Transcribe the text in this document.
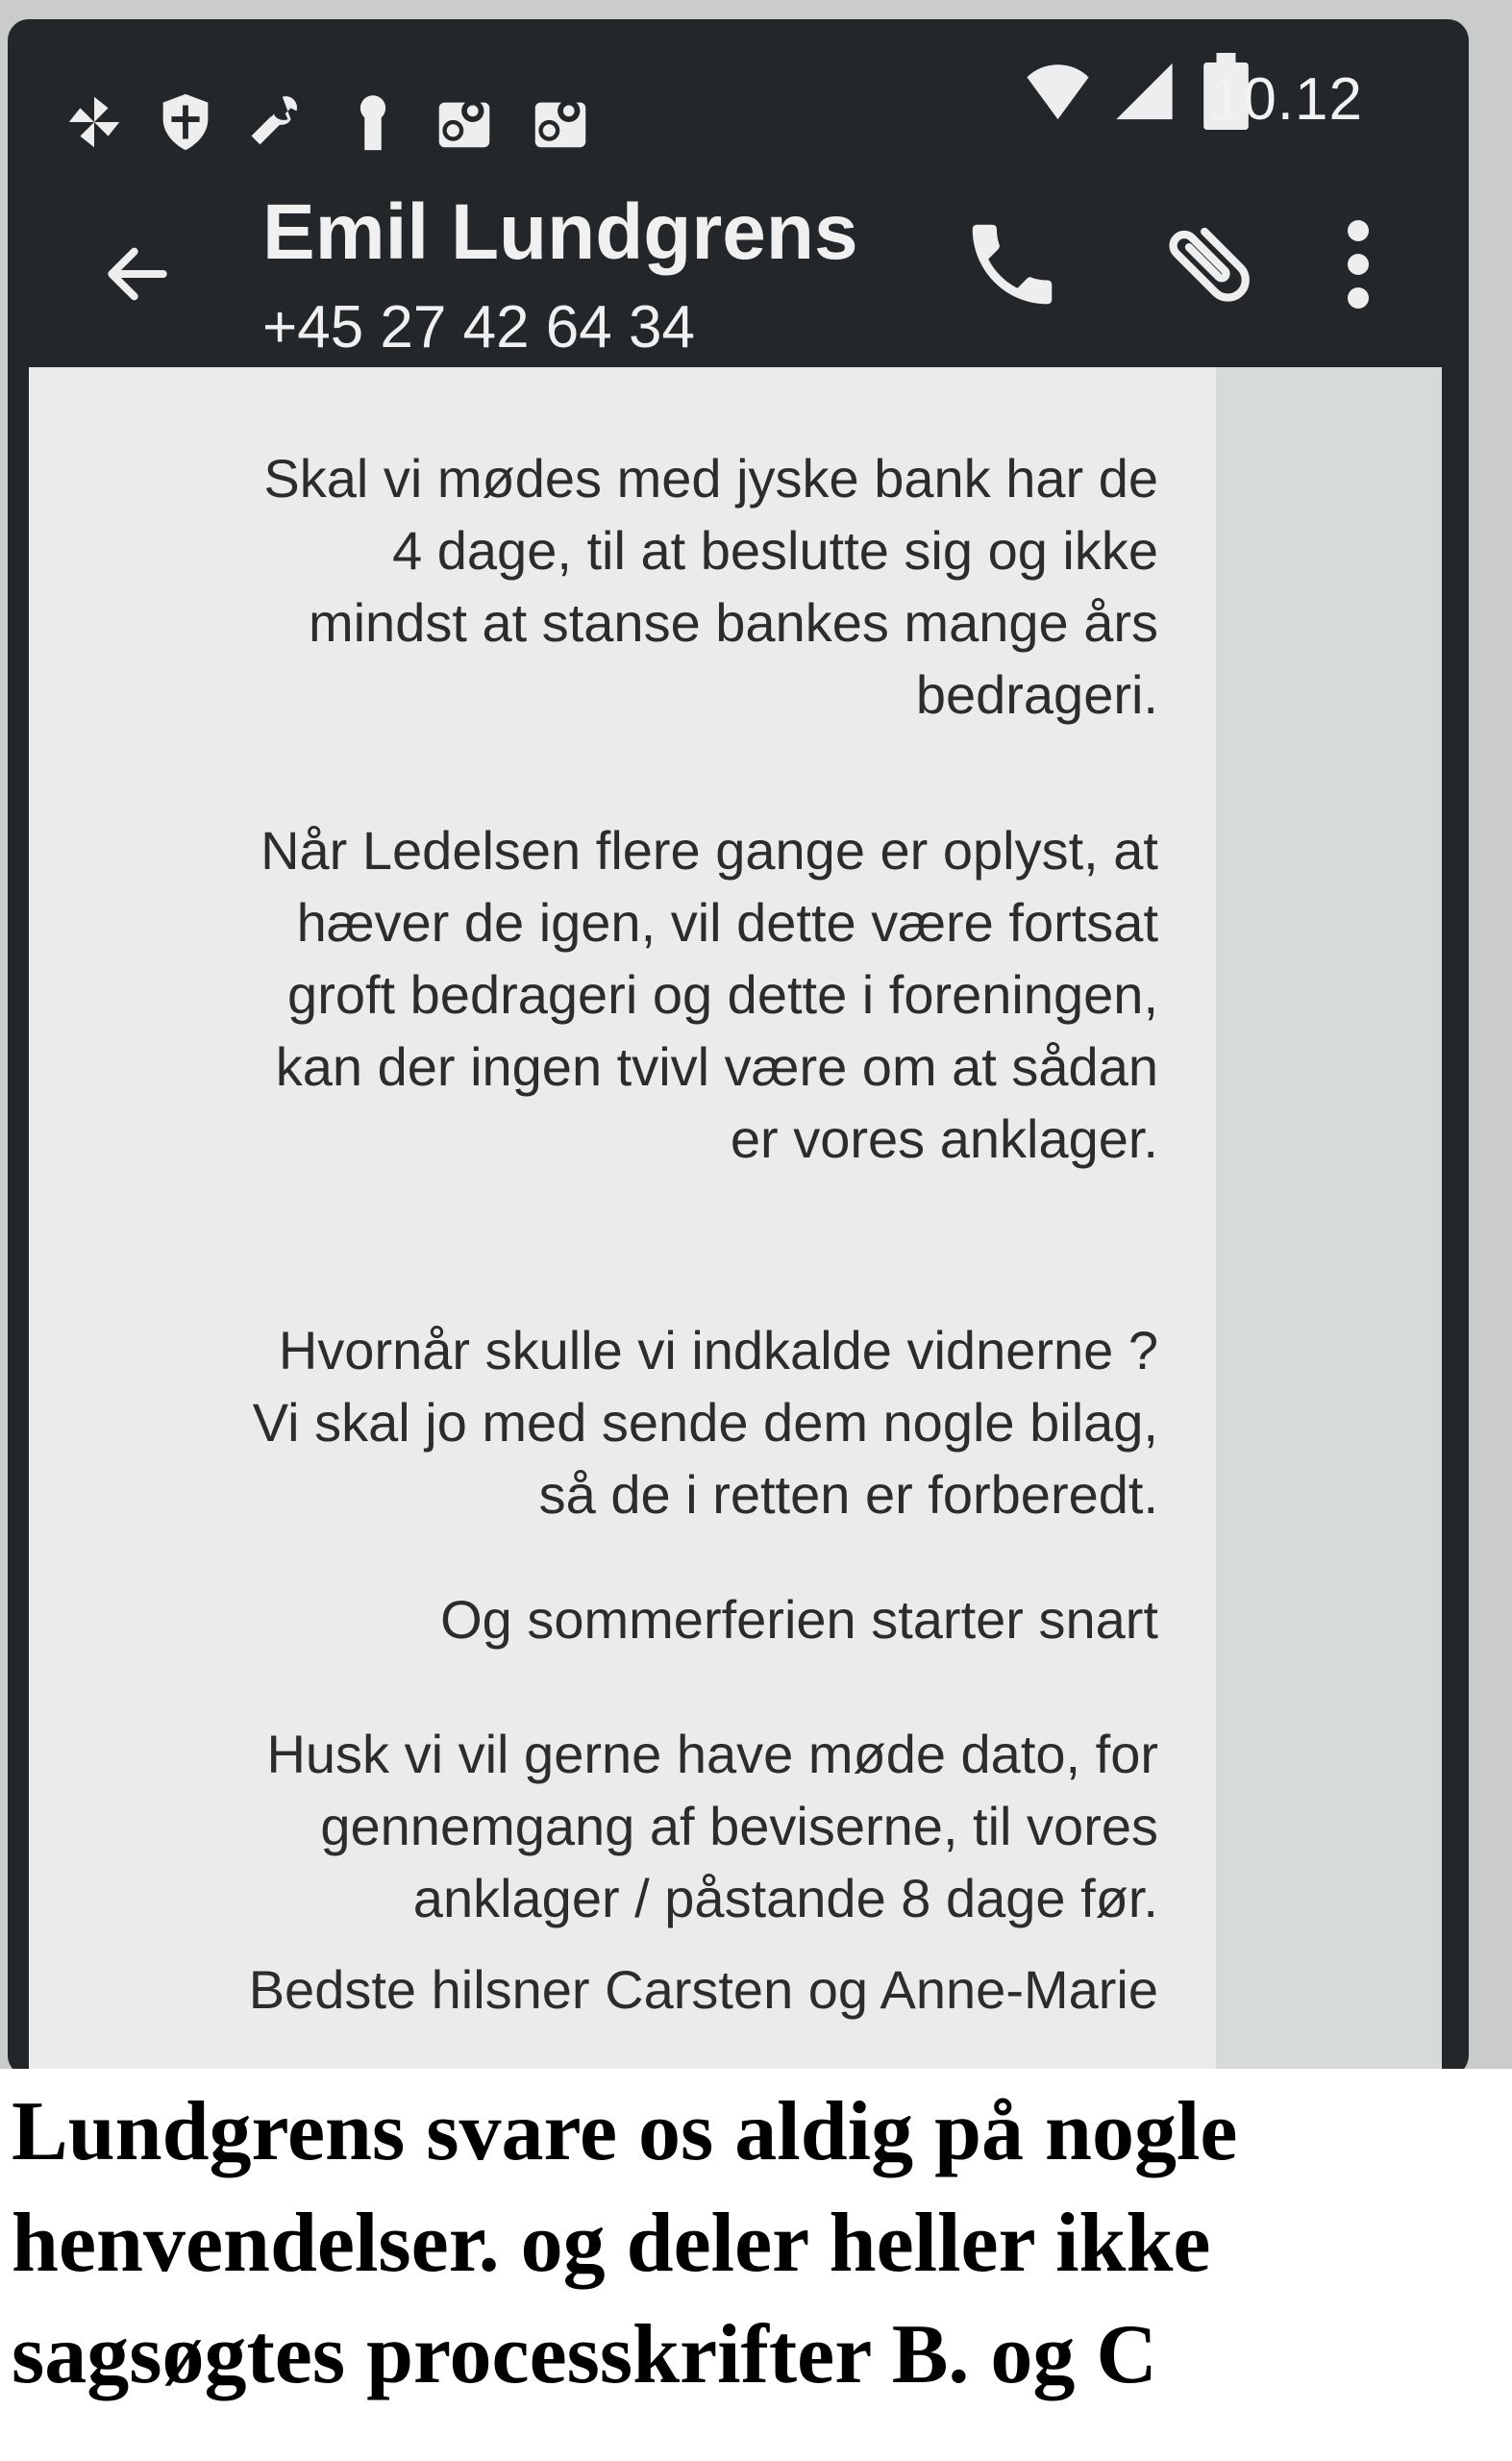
10.12
Emil Lundgrens
+45 27 42 64 34
Skal vi mødes med jyske bank har de
4 dage, til at beslutte sig og ikke
mindst at stanse bankes mange års
bedrageri.
Når Ledelsen flere gange er oplyst, at
hæver de igen, vil dette være fortsat
groft bedrageri og dette i foreningen,
kan der ingen tvivl være om at sådan
er vores anklager.
Hvornår skulle vi indkalde vidnerne ?
Vi skal jo med sende dem nogle bilag,
så de i retten er forberedt.
Og sommerferien starter snart
Husk vi vil gerne have møde dato, for
gennemgang af beviserne, til vores
anklager / påstande 8 dage før.
Bedste hilsner Carsten og Anne-Marie
Lundgrens svare os aldig på nogle
henvendelser. og deler heller ikke
sagsøgtes processkrifter B. og C
